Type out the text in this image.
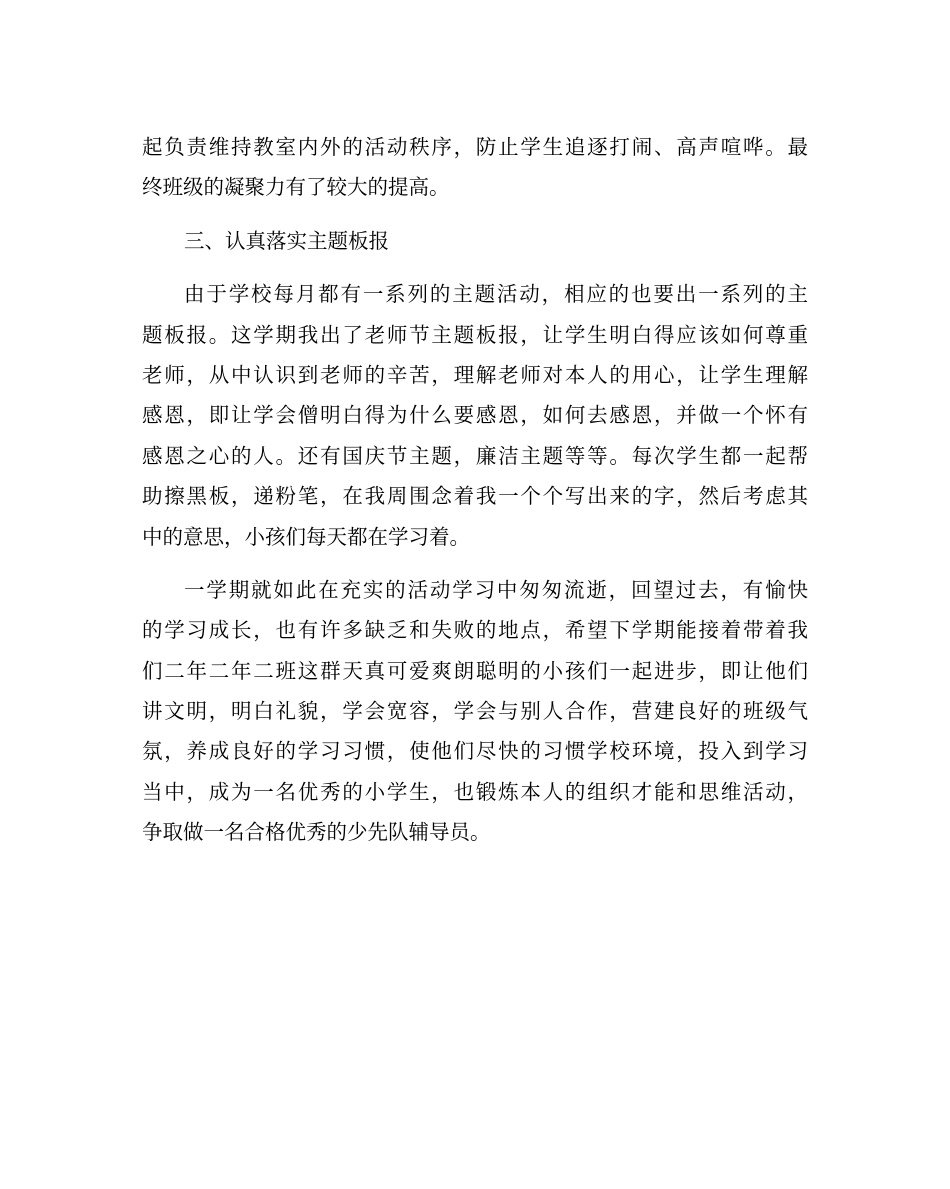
起负责维持教室内外的活动秩序，防止学生追逐打闹、高声喧哗。最
终班级的凝聚力有了较大的提高。
三、认真落实主题板报
由于学校每月都有一系列的主题活动，相应的也要出一系列的主
题板报。这学期我出了老师节主题板报，让学生明白得应该如何尊重
老师，从中认识到老师的辛苦，理解老师对本人的用心，让学生理解
感恩，即让学会僧明白得为什么要感恩，如何去感恩，并做一个怀有
感恩之心的人。还有国庆节主题，廉洁主题等等。每次学生都一起帮
助擦黑板，递粉笔，在我周围念着我一个个写出来的字，然后考虑其
中的意思，小孩们每天都在学习着。
一学期就如此在充实的活动学习中匆匆流逝，回望过去，有愉快
的学习成长，也有许多缺乏和失败的地点，希望下学期能接着带着我
们二年二年二班这群天真可爱爽朗聪明的小孩们一起进步，即让他们
讲文明，明白礼貌，学会宽容，学会与别人合作，营建良好的班级气
氛，养成良好的学习习惯，使他们尽快的习惯学校环境，投入到学习
当中，成为一名优秀的小学生，也锻炼本人的组织才能和思维活动，
争取做一名合格优秀的少先队辅导员。
